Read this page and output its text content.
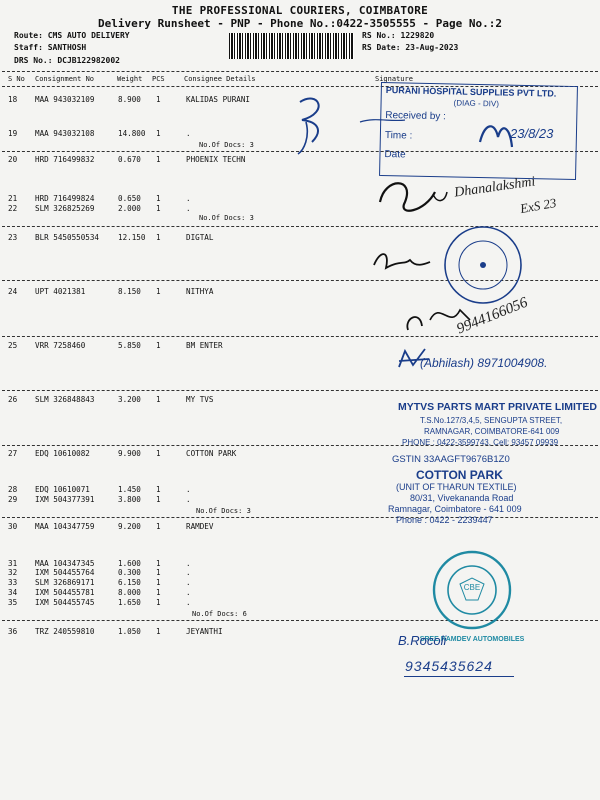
THE PROFESSIONAL COURIERS, COIMBATORE
Delivery Runsheet - PNP - Phone No.:0422-3505555 - Page No.:2
Route: CMS AUTO DELIVERY
Staff: SANTHOSH
DRS No.: DCJB122982002
RS No.: 1229820
RS Date: 23-Aug-2023
S No Consignment No	Weight PCS	Consignee Details	Signature
18 MAA 943032109	8.900 1	KALIDAS PURANI
19 MAA 943032108	14.800 1	.
20 HRD 716499832	0.670 1	PHOENIX TECHN
21 HRD 716499824	0.650 1	.
22 SLM 326825269	2.000 1	.
23 BLR 5450550534 12.150 1	DIGTAL
24 UPT 4021381	8.150 1	NITHYA
25 VRR 7258460	5.850 1	BM ENTER
26 SLM 326848843	3.200 1	MY TVS
27 EDQ 10610082	9.900 1	COTTON PARK
28 EDQ 10610071	1.450 1	.
29 IXM 504377391	3.800 1	.
30 MAA 104347759	9.200 1	RAMDEV
31 MAA 104347345	1.600 1	.
32 IXM 504455764	0.300 1	.
33 SLM 326869171	6.150 1	.
34 IXM 504455781	8.000 1	.
35 IXM 504455745	1.650 1	.
36 TRZ 240559810	1.050 1	JEYANTHI
No.Of Docs: 3
No.Of Docs: 3
No.Of Docs: 3
No.Of Docs: 6
PURANI HOSPITAL SUPPLIES PVT LTD.
(DIAG - DIV)
Received by :
Time :
Date
23/8/23
Dhanalakshmi
ExS 23
9944166056
(Abhilash) 8971004908.
MYTVS PARTS MART PRIVATE LIMITED
T.S.No.127/3,4,5, SENGUPTA STREET,
RAMNAGAR, COIMBATORE-641 009
PHONE : 0422-3599743, Cell: 93457 09939
GSTIN 33AAGFT9676B1Z0
COTTON PARK
(UNIT OF THARUN TEXTILE)
80/31, Vivekananda Road
Ramnagar, Coimbatore - 641 009
Phone : 0422 - 2239447
CBE
SREE RAMDEV AUTOMOBILES
B.Rocoli
9345435624
